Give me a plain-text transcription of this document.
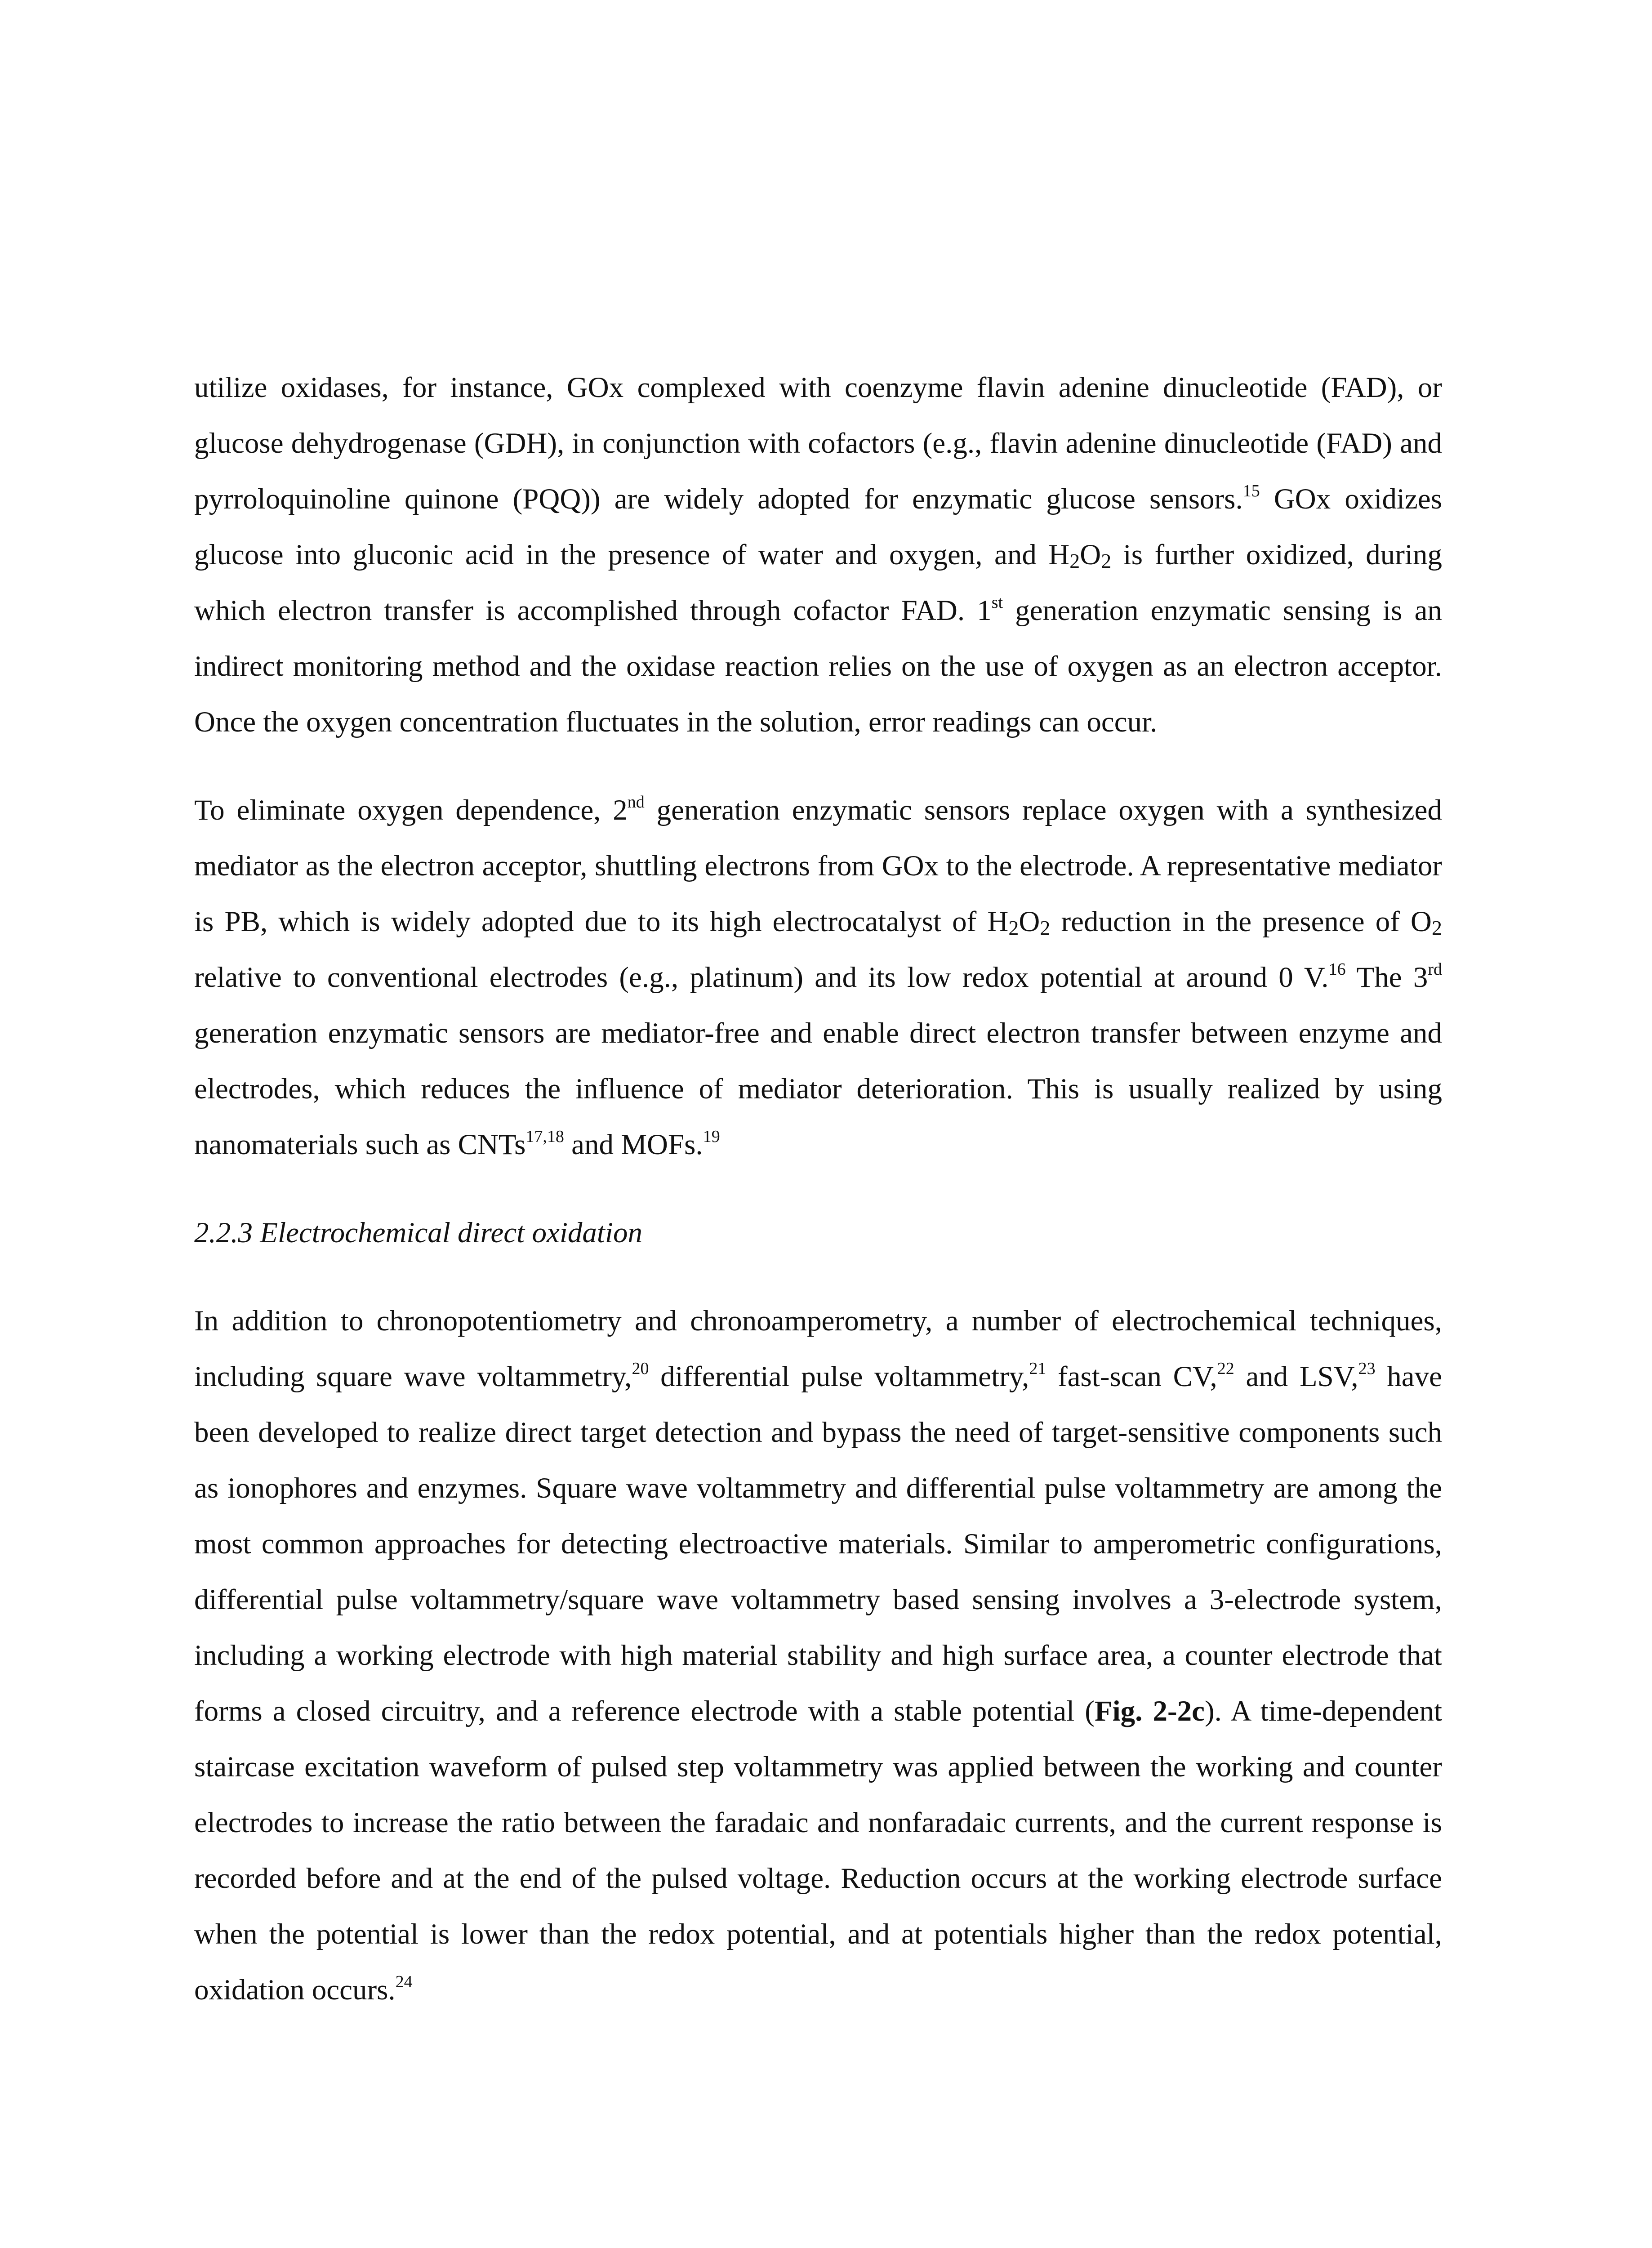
utilize oxidases, for instance, GOx complexed with coenzyme flavin adenine dinucleotide (FAD), or glucose dehydrogenase (GDH), in conjunction with cofactors (e.g., flavin adenine dinucleotide (FAD) and pyrroloquinoline quinone (PQQ)) are widely adopted for enzymatic glucose sensors.$^{15}$ GOx oxidizes glucose into gluconic acid in the presence of water and oxygen, and $H_2O_2$ is further oxidized, during which electron transfer is accomplished through cofactor FAD. 1st generation enzymatic sensing is an indirect monitoring method and the oxidase reaction relies on the use of oxygen as an electron acceptor. Once the oxygen concentration fluctuates in the solution, error readings can occur.

To eliminate oxygen dependence, 2nd generation enzymatic sensors replace oxygen with a synthesized mediator as the electron acceptor, shuttling electrons from GOx to the electrode. A representative mediator is PB, which is widely adopted due to its high electrocatalyst of $H_2O_2$ reduction in the presence of $O_2$ relative to conventional electrodes (e.g., platinum) and its low redox potential at around 0 V.$^{16}$ The 3rd generation enzymatic sensors are mediator-free and enable direct electron transfer between enzyme and electrodes, which reduces the influence of mediator deterioration. This is usually realized by using nanomaterials such as CNTs$^{17,18}$ and MOFs.$^{19}$

2.2.3 Electrochemical direct oxidation

In addition to chronopotentiometry and chronoamperometry, a number of electrochemical techniques, including square wave voltammetry,$^{20}$ differential pulse voltammetry,$^{21}$ fast-scan CV,$^{22}$ and LSV,$^{23}$ have been developed to realize direct target detection and bypass the need of target-sensitive components such as ionophores and enzymes. Square wave voltammetry and differential pulse voltammetry are among the most common approaches for detecting electroactive materials. Similar to amperometric configurations, differential pulse voltammetry/square wave voltammetry based sensing involves a 3-electrode system, including a working electrode with high material stability and high surface area, a counter electrode that forms a closed circuitry, and a reference electrode with a stable potential (Fig. 2-2c). A time-dependent staircase excitation waveform of pulsed step voltammetry was applied between the working and counter electrodes to increase the ratio between the faradaic and nonfaradaic currents, and the current response is recorded before and at the end of the pulsed voltage. Reduction occurs at the working electrode surface when the potential is lower than the redox potential, and at potentials higher than the redox potential, oxidation occurs.$^{24}$
